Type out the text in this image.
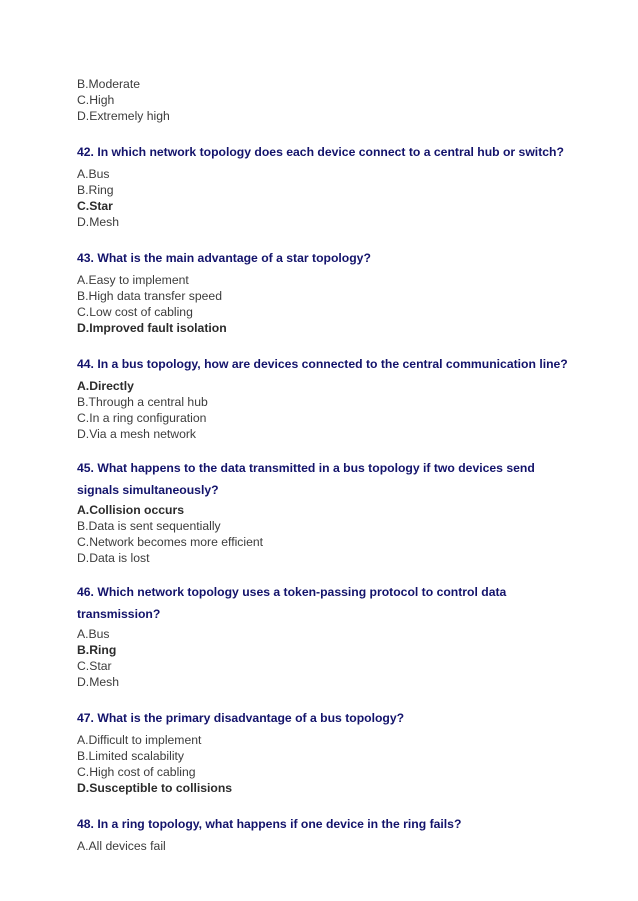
B.Moderate
C.High
D.Extremely high
42. In which network topology does each device connect to a central hub or switch?
A.Bus
B.Ring
C.Star
D.Mesh
43. What is the main advantage of a star topology?
A.Easy to implement
B.High data transfer speed
C.Low cost of cabling
D.Improved fault isolation
44. In a bus topology, how are devices connected to the central communication line?
A.Directly
B.Through a central hub
C.In a ring configuration
D.Via a mesh network
45. What happens to the data transmitted in a bus topology if two devices send
signals simultaneously?
A.Collision occurs
B.Data is sent sequentially
C.Network becomes more efficient
D.Data is lost
46. Which network topology uses a token-passing protocol to control data
transmission?
A.Bus
B.Ring
C.Star
D.Mesh
47. What is the primary disadvantage of a bus topology?
A.Difficult to implement
B.Limited scalability
C.High cost of cabling
D.Susceptible to collisions
48. In a ring topology, what happens if one device in the ring fails?
A.All devices fail
